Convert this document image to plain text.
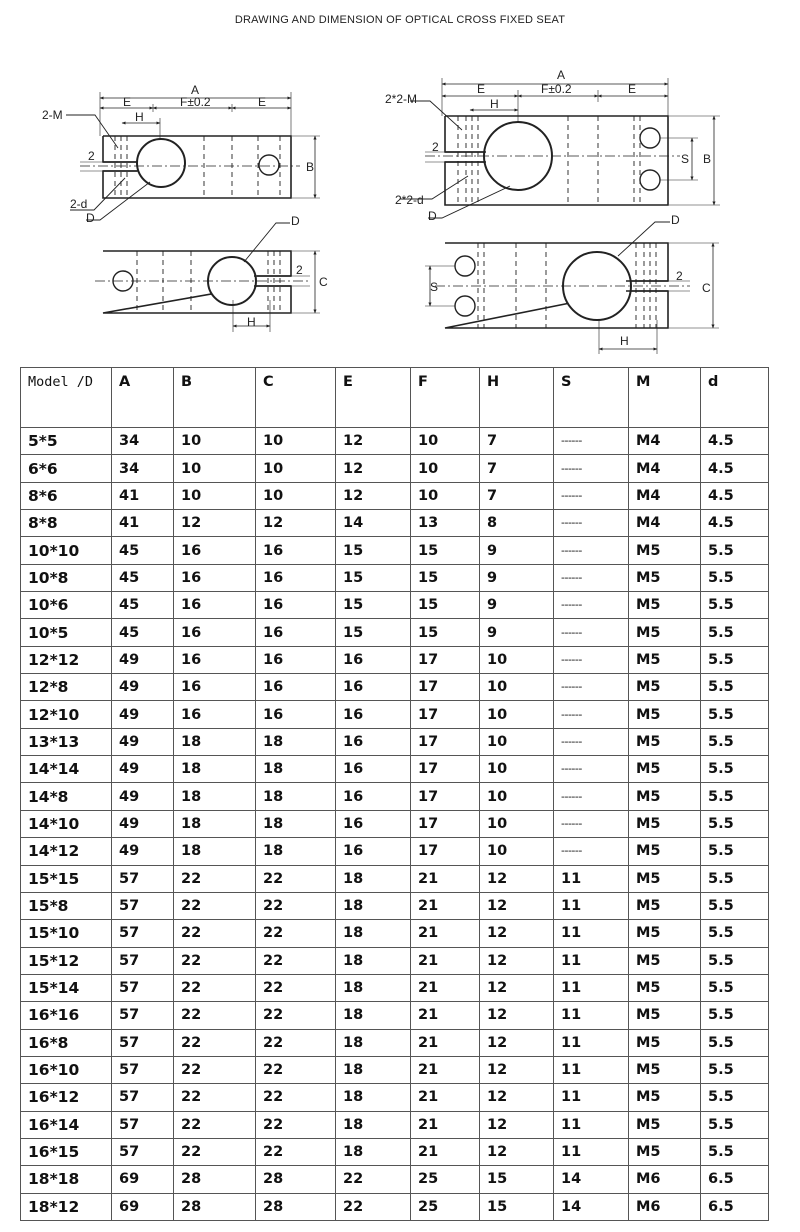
DRAWING AND DIMENSION OF OPTICAL CROSS FIXED SEAT
A
E	F±0.2	E
H
2-M
2
B
2-d
D	D
2
C
H
A
E	F±0.2	E
H
2*2-M
2
S B
2*2-d
D	D
S
2
C
H
Model /D	A	B	C	E	F	H	S	M	d
5*5	34	10	10	12	10	7	------	M4	4.5
6*6	34	10	10	12	10	7	------	M4	4.5
8*6	41	10	10	12	10	7	------	M4	4.5
8*8	41	12	12	14	13	8	------	M4	4.5
10*10	45	16	16	15	15	9	------	M5	5.5
10*8	45	16	16	15	15	9	------	M5	5.5
10*6	45	16	16	15	15	9	------	M5	5.5
10*5	45	16	16	15	15	9	------	M5	5.5
12*12	49	16	16	16	17	10	------	M5	5.5
12*8	49	16	16	16	17	10	------	M5	5.5
12*10	49	16	16	16	17	10	------	M5	5.5
13*13	49	18	18	16	17	10	------	M5	5.5
14*14	49	18	18	16	17	10	------	M5	5.5
14*8	49	18	18	16	17	10	------	M5	5.5
14*10	49	18	18	16	17	10	------	M5	5.5
14*12	49	18	18	16	17	10	------	M5	5.5
15*15	57	22	22	18	21	12	11	M5	5.5
15*8	57	22	22	18	21	12	11	M5	5.5
15*10	57	22	22	18	21	12	11	M5	5.5
15*12	57	22	22	18	21	12	11	M5	5.5
15*14	57	22	22	18	21	12	11	M5	5.5
16*16	57	22	22	18	21	12	11	M5	5.5
16*8	57	22	22	18	21	12	11	M5	5.5
16*10	57	22	22	18	21	12	11	M5	5.5
16*12	57	22	22	18	21	12	11	M5	5.5
16*14	57	22	22	18	21	12	11	M5	5.5
16*15	57	22	22	18	21	12	11	M5	5.5
18*18	69	28	28	22	25	15	14	M6	6.5
18*12	69	28	28	22	25	15	14	M6	6.5
